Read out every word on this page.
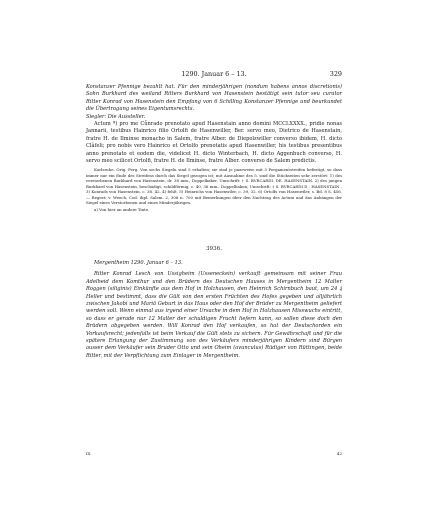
1290. Januar 6 – 13.	329

Konstanzer Pfennige bezahlt hat. Für den minderjährigen (nondum habens annos discretionis) Sohn Burkhard des weiland Ritters Burkhard von Hasenstein bestätigt sein tutor seu curator Ritter Konrad von Hasenstein den Empfang von 6 Schilling Konstanzer Pfennige und beurkundet die Übertragung seines Eigentumsrechts.

Siegler: Die Aussteller.

Actum ª) pro me Cůnrado prenotato apud Hasenstain anno domini MCCLXXXX., pridie nonas Jannarii, testibus Hainrico filio Ortolfi de Hasenwiller, Ber. servo meo, Dietrico de Hasenstain, fratre H. de Ilminse monacho in Salem, fratre Alber. de Diepolzwiller converso ibidem, H. dicto Clâfeli; pro nobis vero Hainrico et Ortolfo prenotatis apud Hasenwiller, his testibus presentibus anno prenotato et eodem die, videlicet H. dicto Winterbach, H. dicto Aggenbuch converso, H. servo meo scilicet Ortolfi, fratre H. de Ilminse, fratre Alber. converso de Salem predictis.

Karlsruhe. Orig. Perg. Von sechs Siegeln sind 5 erhalten; sie sind je paarweise mit 3 Pergamentstreifen befestigt, so dass immer nur ein Ende des Streifens durch das Siegel gezogen ist; mit Ausnahme des 5. sind die Stückseiten sehr zerstört: 1) des verstorbenen Burkhard von Hasenstein, dr. 38 mm., Doppelkaker, Umschrift: † S. BVRCARDI. DE. HASENSTAIN. 2) des jungen Burkhard von Hasenstein, beschädigt, schildförmig, c. 40, 36 mm., Doppelhaken; Umschrift: † S. BVRCARDI D . HASENSTAIN . 3) Konrads von Hasenstein, c. 38. 42. 4) fehlt. 5) Heinrichs von Hasenwiler, c. 39, 32. 6) Ortolfs von Hasenwiler, s. Bd. 8 S. 456. — Regest: v. Weech, Cod. dipl. Salem. 2, 308 n. 700 mit Bemerkungen über den Nachtrag des Actum und das Anhängen der Siegel eines Verstorbenen und eines Minderjährigen.

a) Von hier an andere Tinte.

3936.

Mergentheim 1290. Januar 6 – 13.

Ritter Konrad Lesch von Ussigheim (Usseneckein) verkauft gemeinsam mit seiner Frau Adelheid dem Komthur und den Brüdern des Deutschen Hauses in Mergentheim 12 Malter Roggen (siliginis) Einkünfte aus dem Hof in Holzhausen, den Heinrich Schirnbuch baut, um 24 ₰ Heller und bestimmt, dass die Gült von den ersten Früchten des Hofes gegeben und alljährlich zwischen Jakobi und Mariä Geburt in das Haus oder den Hof der Brüder zu Mergentheim geliefert werden soll. Wenn einmal aus irgend einer Ursache in dem Hof in Holzhausen Misswuchs eintritt, so dass er gerade nur 12 Malter der schuldigen Frucht liefern kann, so sollen diese doch den Brüdern abgegeben werden. Will Konrad den Hof verkaufen, so hat der Deutschorden ein Vorkaufsrecht; jedenfalls ist beim Verkauf die Gült stets zu sichern. Für Gewährschaft und für die spätere Erlangung der Zustimmung von des Verkäufers minderjährigen Kindern sind Bürgen ausser dem Verkäufer sein Bruder Otto und sein Oheim (avunculus) Rüdiger von Rüttingen, beide Ritter, mit der Verpflichtung zum Einlager in Mergentheim.

IX	42
